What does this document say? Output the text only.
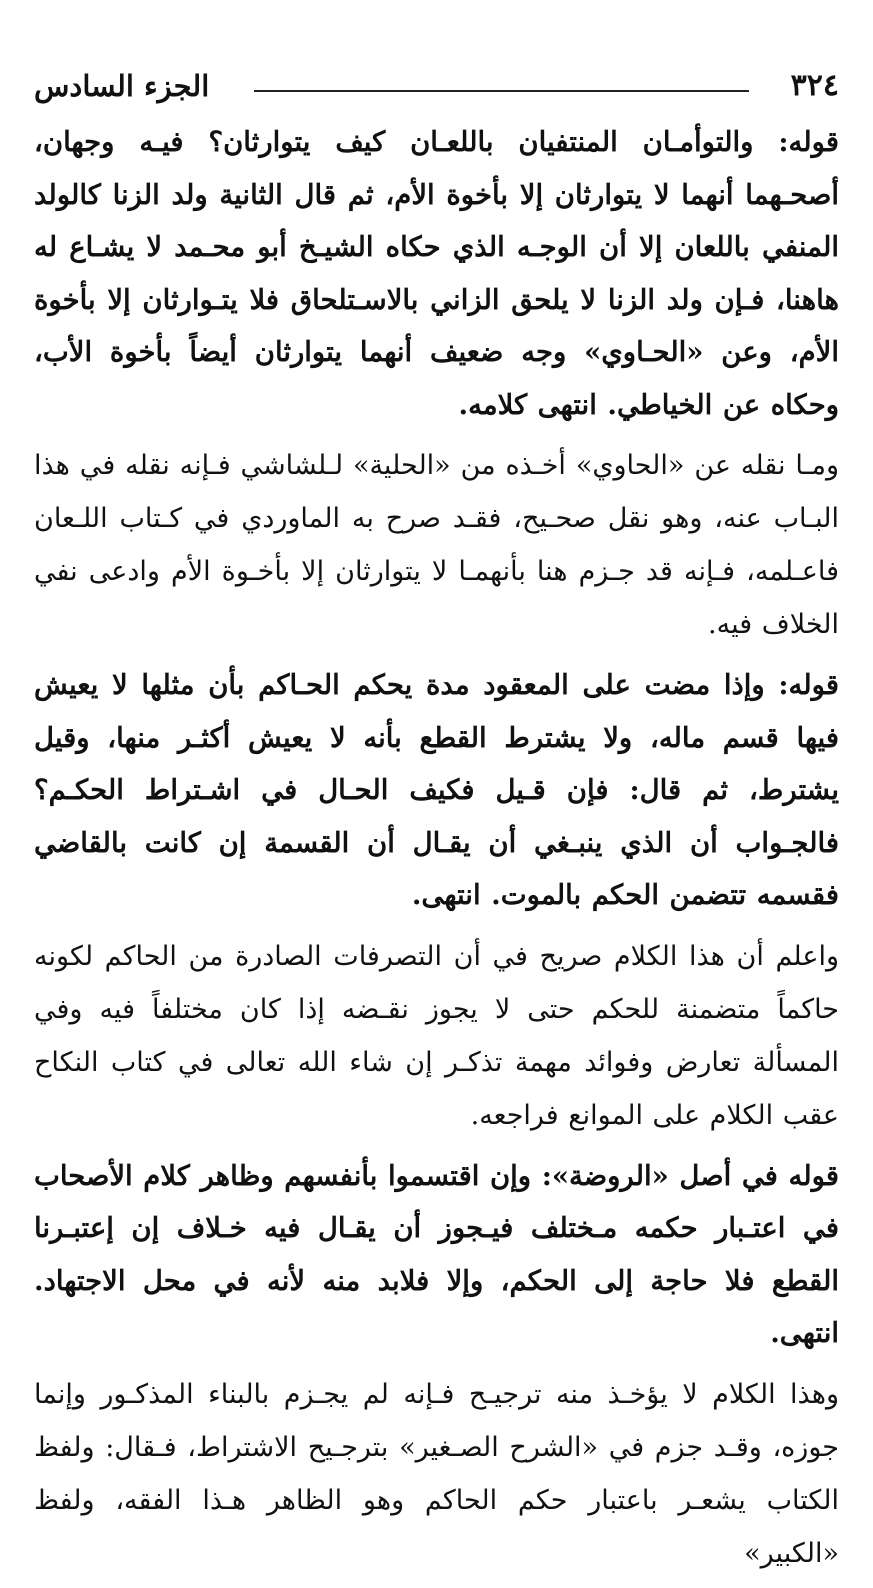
٣٢٤
الجزء السادس

قوله: والتوأمـان المنتفيان باللعـان كيف يتوارثان؟ فيـه وجهان، أصحـهما أنهما لا يتوارثان إلا بأخوة الأم، ثم قال الثانية ولد الزنا كالولد المنفي باللعان إلا أن الوجـه الذي حكاه الشيـخ أبو محـمد لا يشـاع له هاهنا، فـإن ولد الزنا لا يلحق الزاني بالاسـتلحاق فلا يتـوارثان إلا بأخوة الأم، وعن «الحـاوي» وجه ضعيف أنهما يتوارثان أيضاً بأخوة الأب، وحكاه عن الخياطي. انتهى كلامه.

ومـا نقله عن «الحاوي» أخـذه من «الحلية» لـلشاشي فـإنه نقله في هذا البـاب عنه، وهو نقل صحـيح، فقـد صرح به الماوردي في كـتاب اللـعان فاعـلمه، فـإنه قد جـزم هنا بأنهمـا لا يتوارثان إلا بأخـوة الأم وادعى نفي الخلاف فيه.

قوله: وإذا مضت على المعقود مدة يحكم الحـاكم بأن مثلها لا يعيش فيها قسم ماله، ولا يشترط القطع بأنه لا يعيش أكثـر منها، وقيل يشترط، ثم قال: فإن قـيل فكيف الحـال في اشـتراط الحكـم؟ فالجـواب أن الذي ينبـغي أن يقـال أن القسمة إن كانت بالقاضي فقسمه تتضمن الحكم بالموت. انتهى.

واعلم أن هذا الكلام صريح في أن التصرفات الصادرة من الحاكم لكونه حاكماً متضمنة للحكم حتى لا يجوز نقـضه إذا كان مختلفاً فيه وفي المسألة تعارض وفوائد مهمة تذكـر إن شاء الله تعالى في كتاب النكاح عقب الكلام على الموانع فراجعه.

قوله في أصل «الروضة»: وإن اقتسموا بأنفسهم وظاهر كلام الأصحاب في اعتـبار حكمه مـختلف فيـجوز أن يقـال فيه خـلاف إن إعتبـرنا القطع فلا حاجة إلى الحكم، وإلا فلابد منه لأنه في محل الاجتهاد. انتهى.

وهذا الكلام لا يؤخـذ منه ترجيـح فـإنه لم يجـزم بالبناء المذكـور وإنما جوزه، وقـد جزم في «الشرح الصـغير» بترجـيح الاشتراط، فـقال: ولفظ الكتاب يشعـر باعتبار حكم الحاكم وهو الظاهر هـذا الفقه، ولفظ «الكبير»
